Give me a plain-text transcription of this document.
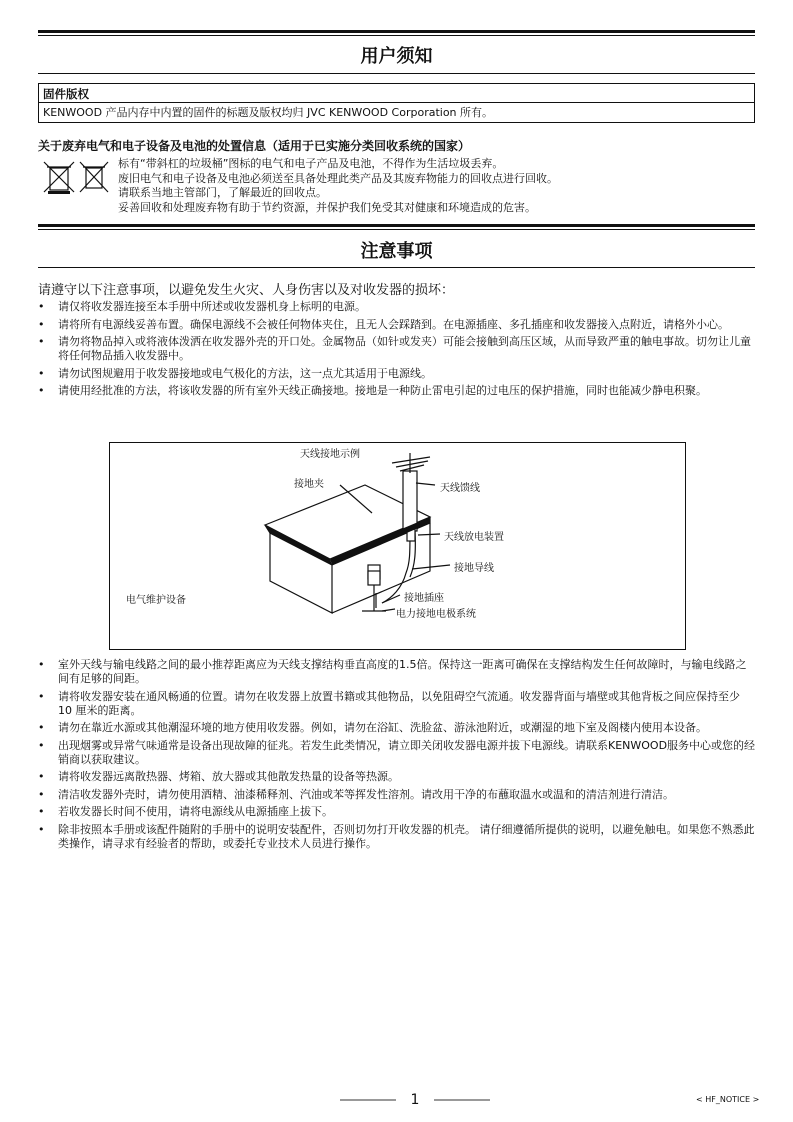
用户须知
固件版权
KENWOOD 产品内存中内置的固件的标题及版权均归 JVC KENWOOD Corporation 所有。
关于废弃电气和电子设备及电池的处置信息（适用于已实施分类回收系统的国家）
标有“带斜杠的垃圾桶”图标的电气和电子产品及电池，不得作为生活垃圾丢弃。
废旧电气和电子设备及电池必须送至具备处理此类产品及其废弃物能力的回收点进行回收。
请联系当地主管部门，了解最近的回收点。
妥善回收和处理废弃物有助于节约资源，并保护我们免受其对健康和环境造成的危害。
注意事项
请遵守以下注意事项，以避免发生火灾、人身伤害以及对收发器的损坏：
• 请仅将收发器连接至本手册中所述或收发器机身上标明的电源。
• 请将所有电源线妥善布置。确保电源线不会被任何物体夹住，且无人会踩踏到。在电源插座、多孔插座和收发器接入点附近，请格外小心。
• 请勿将物品掉入或将液体泼洒在收发器外壳的开口处。金属物品（如针或发夹）可能会接触到高压区域，从而导致严重的触电事故。切勿让儿童将任何物品插入收发器中。
• 请勿试图规避用于收发器接地或电气极化的方法，这一点尤其适用于电源线。
• 请使用经批准的方法，将该收发器的所有室外天线正确接地。接地是一种防止雷电引起的过电压的保护措施，同时也能减少静电积聚。
天线接地示例
接地夹	天线馈线
天线放电装置
接地导线
电气维护设备	接地插座
电力接地电极系统
• 室外天线与输电线路之间的最小推荐距离应为天线支撑结构垂直高度的1.5倍。保持这一距离可确保在支撑结构发生任何故障时，与输电线路之间有足够的间距。
• 请将收发器安装在通风畅通的位置。请勿在收发器上放置书籍或其他物品，以免阻碍空气流通。收发器背面与墙壁或其他背板之间应保持至少 10 厘米的距离。
• 请勿在靠近水源或其他潮湿环境的地方使用收发器。例如，请勿在浴缸、洗脸盆、游泳池附近，或潮湿的地下室及阁楼内使用本设备。
• 出现烟雾或异常气味通常是设备出现故障的征兆。若发生此类情况，请立即关闭收发器电源并拔下电源线。请联系KENWOOD服务中心或您的经销商以获取建议。
• 请将收发器远离散热器、烤箱、放大器或其他散发热量的设备等热源。
• 清洁收发器外壳时，请勿使用酒精、油漆稀释剂、汽油或苯等挥发性溶剂。请改用干净的布蘸取温水或温和的清洁剂进行清洁。
• 若收发器长时间不使用，请将电源线从电源插座上拔下。
• 除非按照本手册或该配件随附的手册中的说明安装配件，否则切勿打开收发器的机壳。 请仔细遵循所提供的说明，以避免触电。如果您不熟悉此类操作，请寻求有经验者的帮助，或委托专业技术人员进行操作。
1	< HF_NOTICE >
